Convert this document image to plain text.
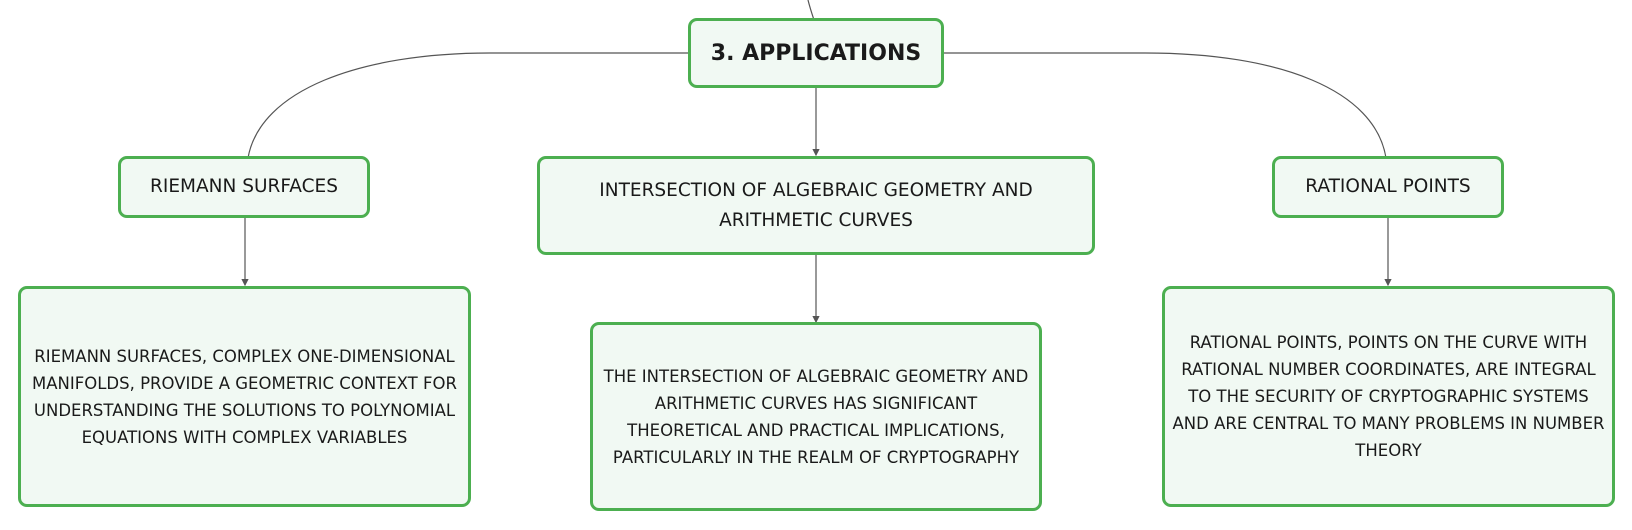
3. APPLICATIONS
RIEMANN SURFACES	INTERSECTION OF ALGEBRAIC GEOMETRY AND ARITHMETIC CURVES
RATIONAL POINTS
RIEMANN SURFACES, COMPLEX ONE-DIMENSIONAL MANIFOLDS, PROVIDE A GEOMETRIC CONTEXT FOR UNDERSTANDING THE SOLUTIONS TO POLYNOMIAL EQUATIONS WITH COMPLEX VARIABLES
THE INTERSECTION OF ALGEBRAIC GEOMETRY AND ARITHMETIC CURVES HAS SIGNIFICANT THEORETICAL AND PRACTICAL IMPLICATIONS, PARTICULARLY IN THE REALM OF CRYPTOGRAPHY
RATIONAL POINTS, POINTS ON THE CURVE WITH RATIONAL NUMBER COORDINATES, ARE INTEGRAL TO THE SECURITY OF CRYPTOGRAPHIC SYSTEMS AND ARE CENTRAL TO MANY PROBLEMS IN NUMBER THEORY
